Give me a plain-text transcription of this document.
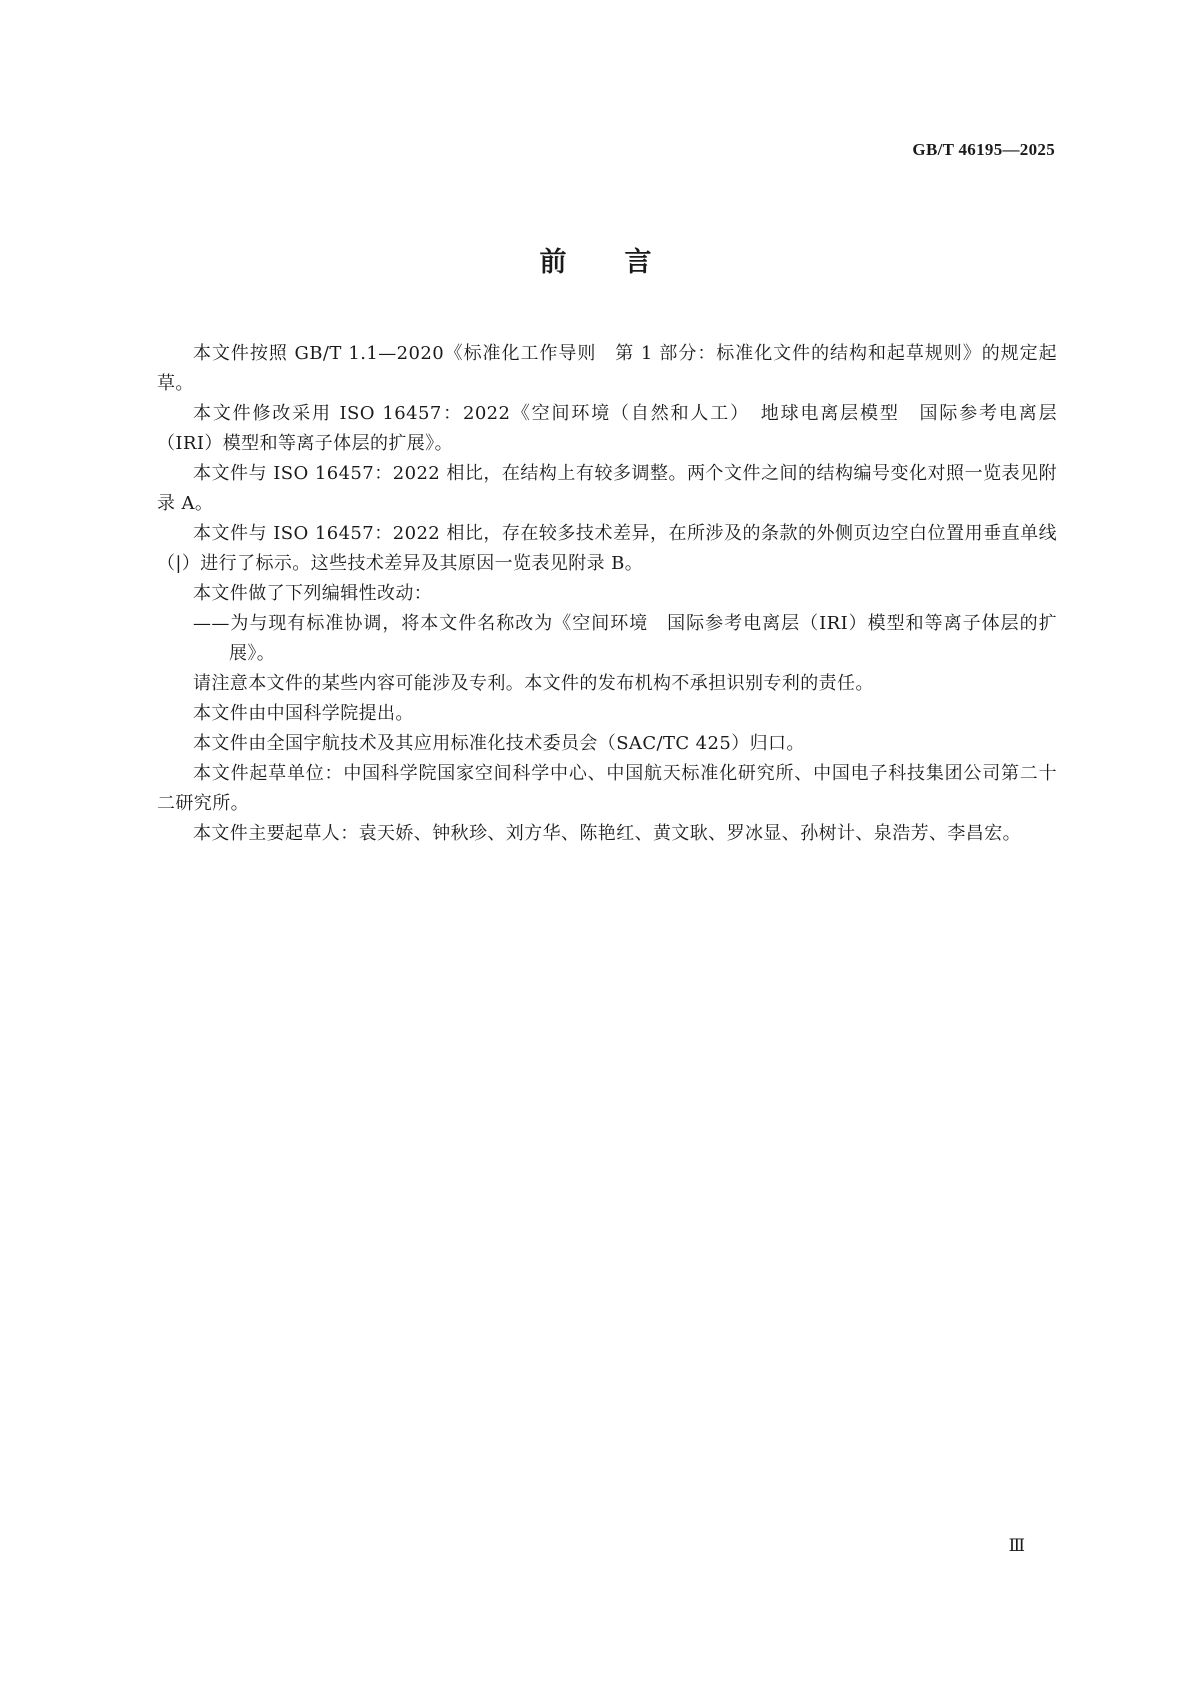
GB/T 46195—2025
前言

本文件按照 GB/T 1.1—2020《标准化工作导则　第 1 部分：标准化文件的结构和起草规则》的规定起草。

本文件修改采用 ISO 16457：2022《空间环境（自然和人工）　地球电离层模型　国际参考电离层（IRI）模型和等离子体层的扩展》。

本文件与 ISO 16457：2022 相比，在结构上有较多调整。两个文件之间的结构编号变化对照一览表见附录 A。

本文件与 ISO 16457：2022 相比，存在较多技术差异，在所涉及的条款的外侧页边空白位置用垂直单线（|）进行了标示。这些技术差异及其原因一览表见附录 B。

本文件做了下列编辑性改动：

——为与现有标准协调，将本文件名称改为《空间环境　国际参考电离层（IRI）模型和等离子体层的扩展》。

请注意本文件的某些内容可能涉及专利。本文件的发布机构不承担识别专利的责任。

本文件由中国科学院提出。

本文件由全国宇航技术及其应用标准化技术委员会（SAC/TC 425）归口。

本文件起草单位：中国科学院国家空间科学中心、中国航天标准化研究所、中国电子科技集团公司第二十二研究所。

本文件主要起草人：袁天娇、钟秋珍、刘方华、陈艳红、黄文耿、罗冰显、孙树计、泉浩芳、李昌宏。

Ⅲ
